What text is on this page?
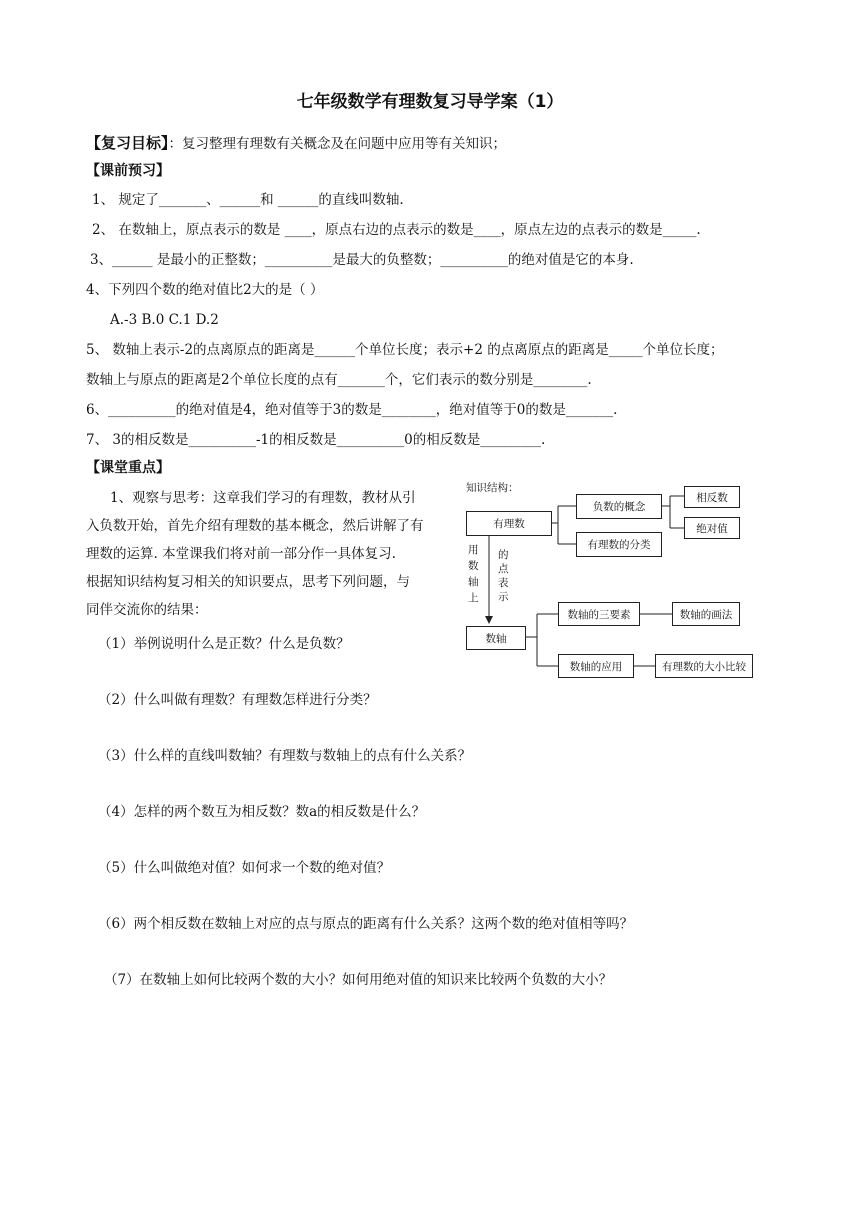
七年级数学有理数复习导学案（1）
【复习目标】：复习整理有理数有关概念及在问题中应用等有关知识；
【课前预习】
1、 规定了_______、______和 ______的直线叫数轴.
2、 在数轴上，原点表示的数是 ____，原点右边的点表示的数是____，原点左边的点表示的数是_____.
3、______ 是最小的正整数；__________是最大的负整数；__________的绝对值是它的本身.
4、下列四个数的绝对值比2大的是（ ）
A.-3 B.0 C.1 D.2
5、 数轴上表示-2的点离原点的距离是______个单位长度；表示+2 的点离原点的距离是_____个单位长度；
数轴上与原点的距离是2个单位长度的点有_______个，它们表示的数分别是________.
6、__________的绝对值是4，绝对值等于3的数是________，绝对值等于0的数是_______.
7、 3的相反数是__________-1的相反数是__________0的相反数是_________.
【课堂重点】
1、观察与思考：这章我们学习的有理数，教材从引
入负数开始，首先介绍有理数的基本概念，然后讲解了有
理数的运算. 本堂课我们将对前一部分作一具体复习.
根据知识结构复习相关的知识要点，思考下列问题，与
同伴交流你的结果：
（1）举例说明什么是正数？什么是负数？
（2）什么叫做有理数？有理数怎样进行分类？
（3）什么样的直线叫数轴？有理数与数轴上的点有什么关系？
（4）怎样的两个数互为相反数？数a的相反数是什么？
（5）什么叫做绝对值？如何求一个数的绝对值？
（6）两个相反数在数轴上对应的点与原点的距离有什么关系？这两个数的绝对值相等吗？
（7）在数轴上如何比较两个数的大小？如何用绝对值的知识来比较两个负数的大小？
知识结构：
有理数
负数的概念
相反数
绝对值
有理数的分类
用数轴上
的点表示
数轴
数轴的三要素	数轴的画法
数轴的应用	有理数的大小比较
